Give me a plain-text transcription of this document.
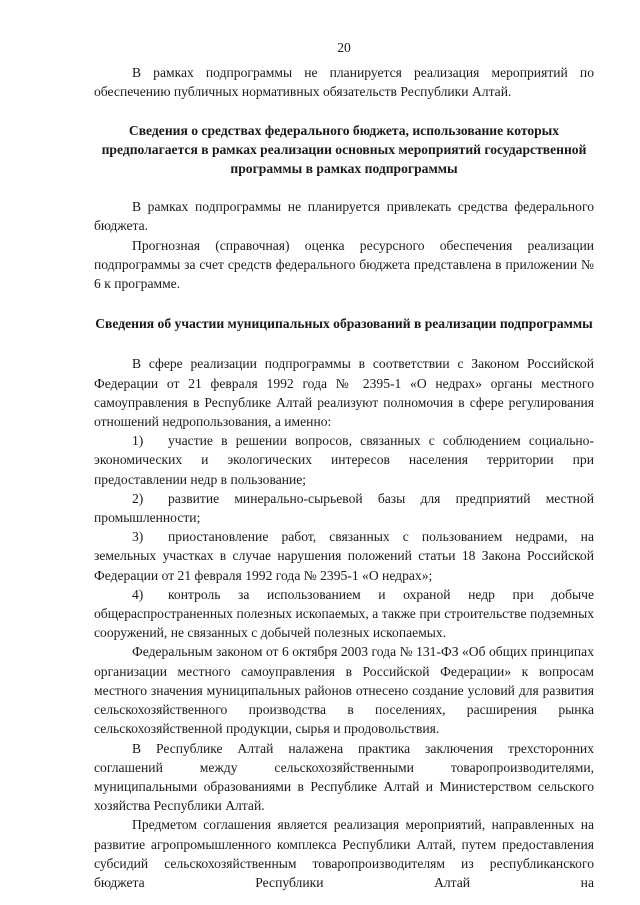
20

В рамках подпрограммы не планируется реализация мероприятий по обеспечению публичных нормативных обязательств Республики Алтай.

Сведения о средствах федерального бюджета, использование которых предполагается в рамках реализации основных мероприятий государственной программы в рамках подпрограммы

В рамках подпрограммы не планируется привлекать средства федерального бюджета.

Прогнозная (справочная) оценка ресурсного обеспечения реализации подпрограммы за счет средств федерального бюджета представлена в приложении № 6 к программе.

Сведения об участии муниципальных образований в реализации подпрограммы

В сфере реализации подпрограммы в соответствии с Законом Российской Федерации от 21 февраля 1992 года № 2395-1 «О недрах» органы местного самоуправления в Республике Алтай реализуют полномочия в сфере регулирования отношений недропользования, а именно:

1) участие в решении вопросов, связанных с соблюдением социально-экономических и экологических интересов населения территории при предоставлении недр в пользование;

2) развитие минерально-сырьевой базы для предприятий местной промышленности;

3) приостановление работ, связанных с пользованием недрами, на земельных участках в случае нарушения положений статьи 18 Закона Российской Федерации от 21 февраля 1992 года № 2395-1 «О недрах»;

4) контроль за использованием и охраной недр при добыче общераспространенных полезных ископаемых, а также при строительстве подземных сооружений, не связанных с добычей полезных ископаемых.

Федеральным законом от 6 октября 2003 года № 131-ФЗ «Об общих принципах организации местного самоуправления в Российской Федерации» к вопросам местного значения муниципальных районов отнесено создание условий для развития сельскохозяйственного производства в поселениях, расширения рынка сельскохозяйственной продукции, сырья и продовольствия.

В Республике Алтай налажена практика заключения трехсторонних соглашений между сельскохозяйственными товаропроизводителями, муниципальными образованиями в Республике Алтай и Министерством сельского хозяйства Республики Алтай.

Предметом соглашения является реализация мероприятий, направленных на развитие агропромышленного комплекса Республики Алтай, путем предоставления субсидий сельскохозяйственным товаропроизводителям из республиканского бюджета Республики Алтай на
